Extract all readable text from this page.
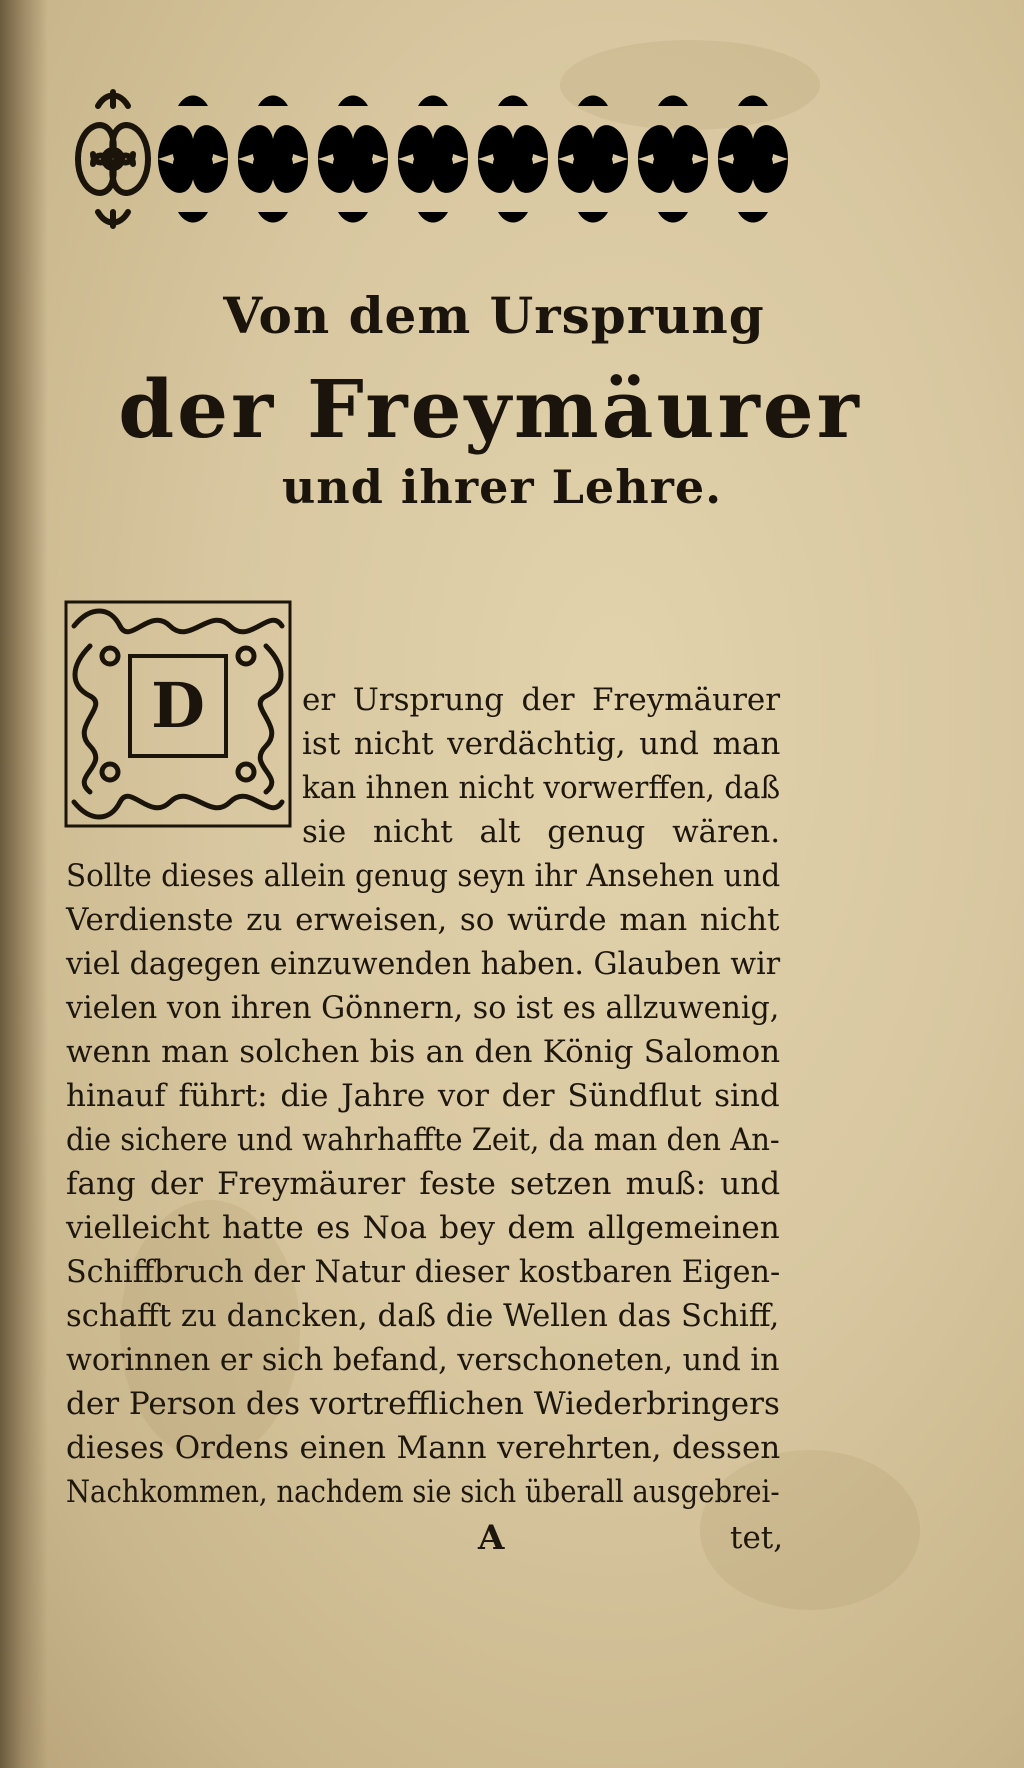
Von dem Ursprung
der Freymäurer
und ihrer Lehre.
D	er Ursprung der Freymäurer
ist nicht verdächtig, und man
kan ihnen nicht vorwerffen, daß
sie nicht alt genug wären.
Sollte dieses allein genug seyn ihr Ansehen und
Verdienste zu erweisen, so würde man nicht
viel dagegen einzuwenden haben. Glauben wir
vielen von ihren Gönnern, so ist es allzuwenig,
wenn man solchen bis an den König Salomon
hinauf führt: die Jahre vor der Sündflut sind
die sichere und wahrhaffte Zeit, da man den An-
fang der Freymäurer feste setzen muß: und
vielleicht hatte es Noa bey dem allgemeinen
Schiffbruch der Natur dieser kostbaren Eigen-
schafft zu dancken, daß die Wellen das Schiff,
worinnen er sich befand, verschoneten, und in
der Person des vortrefflichen Wiederbringers
dieses Ordens einen Mann verehrten, dessen
Nachkommen, nachdem sie sich überall ausgebrei-
A	tet,
